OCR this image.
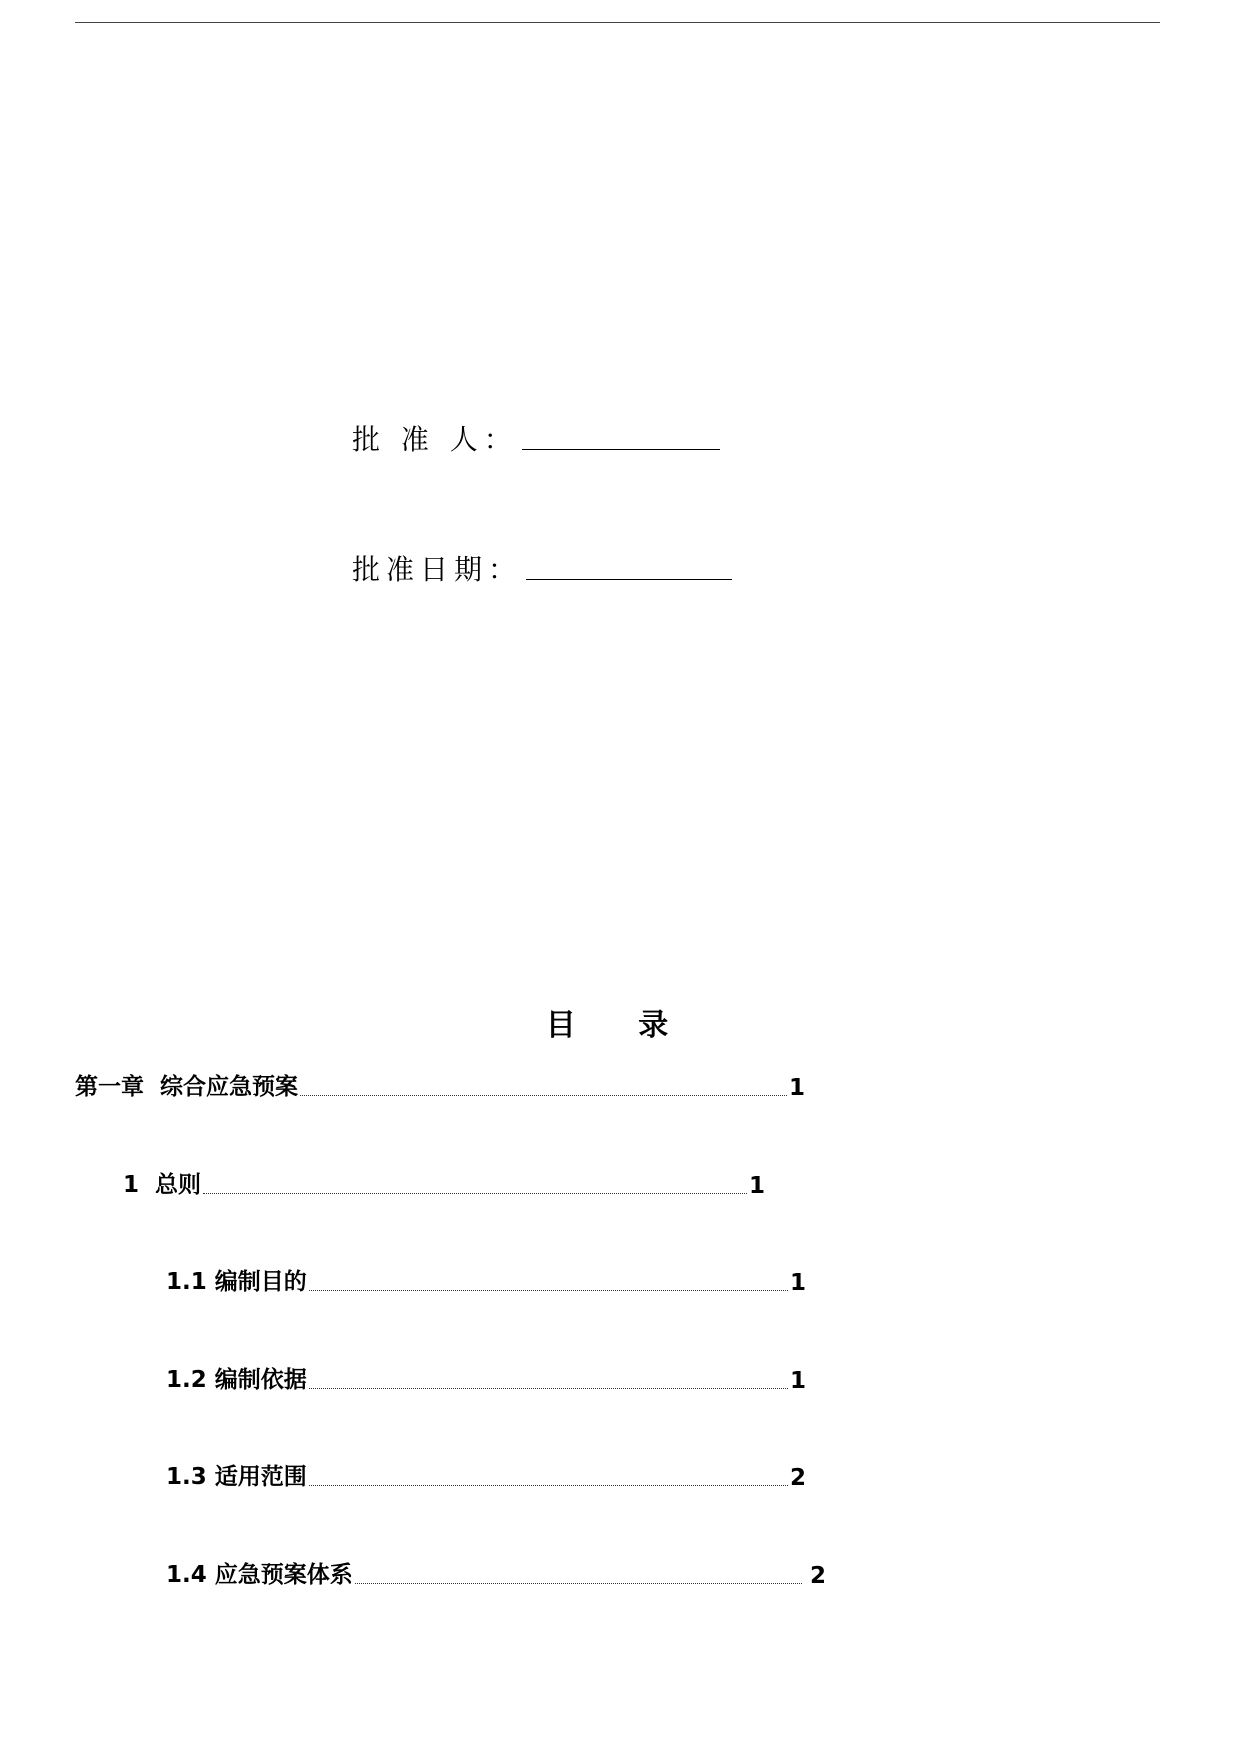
批 准 人：
批准日期：
目 录
第一章 综合应急预案	1
1 总则	1
1.1 编制目的	1
1.2 编制依据	1
1.3 适用范围	2
1.4 应急预案体系	2
